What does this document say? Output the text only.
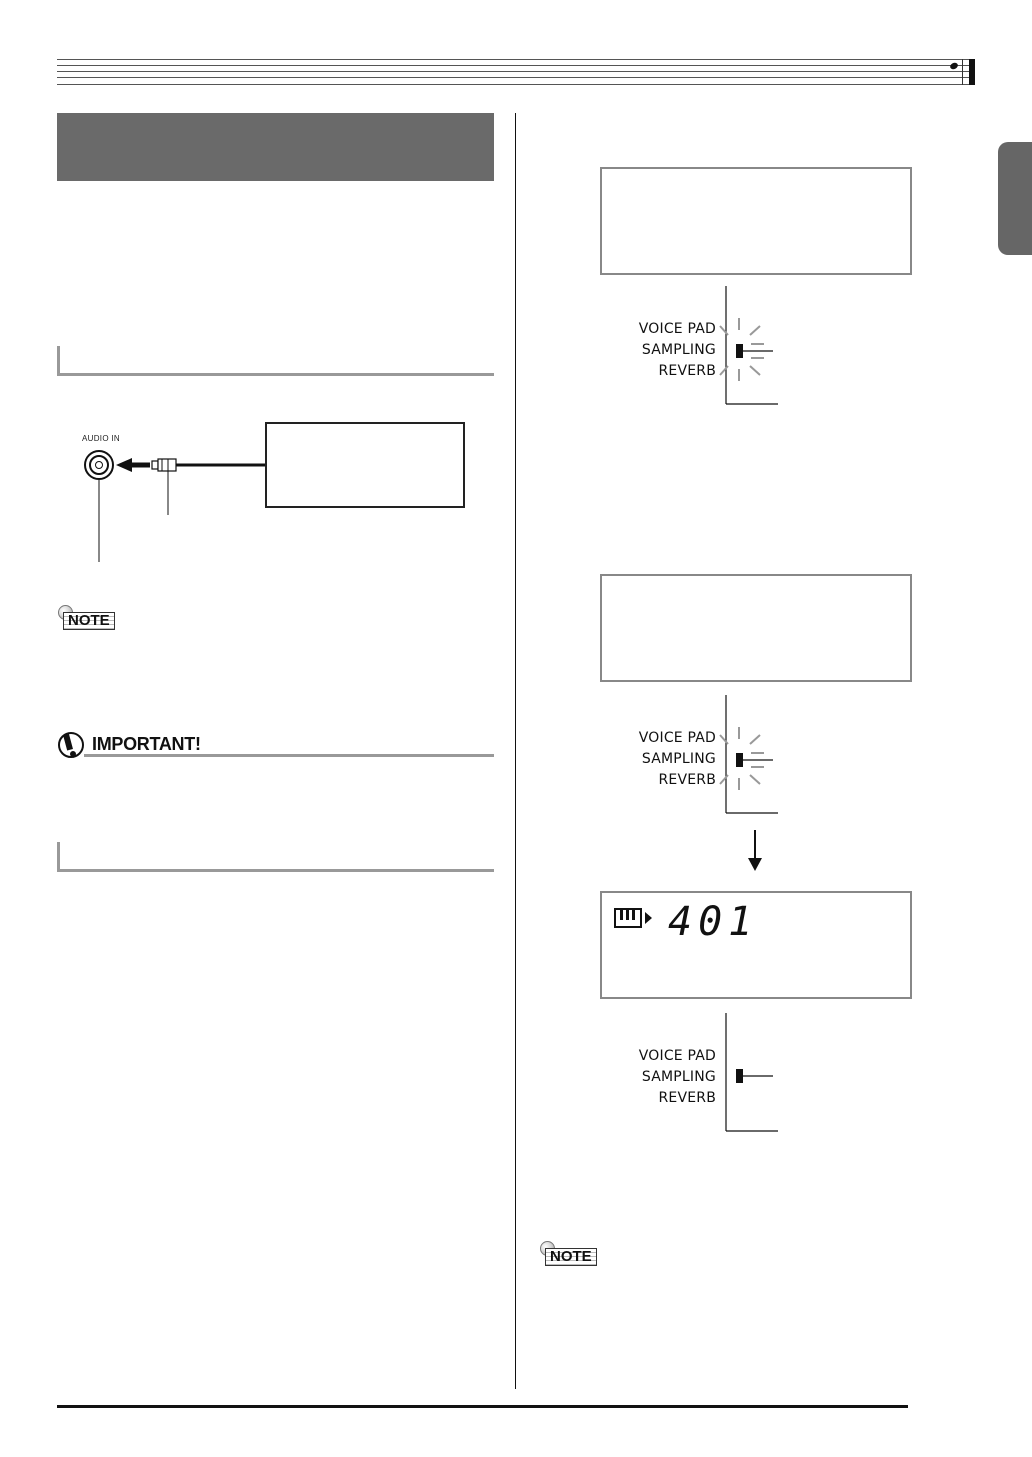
AUDIO IN
NOTE
IMPORTANT!
VOICE PAD
SAMPLING
REVERB
VOICE PAD
SAMPLING
REVERB
401
VOICE PAD
SAMPLING
REVERB
NOTE
